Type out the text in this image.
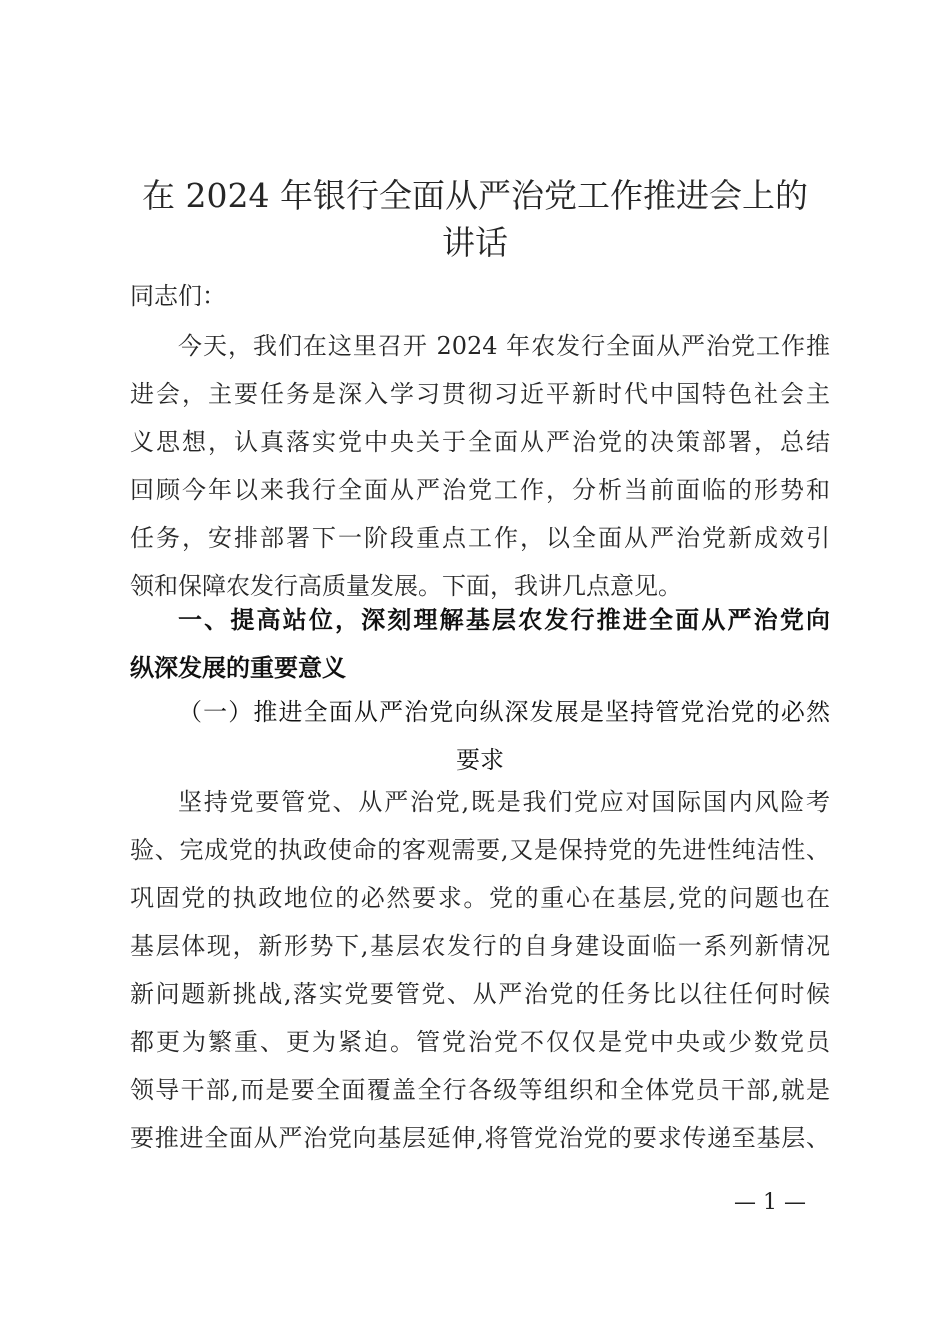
在 2024 年银行全面从严治党工作推进会上的
讲话
同志们：
今天，我们在这里召开 2024 年农发行全面从严治党工作推
进会，主要任务是深入学习贯彻习近平新时代中国特色社会主
义思想，认真落实党中央关于全面从严治党的决策部署，总结
回顾今年以来我行全面从严治党工作，分析当前面临的形势和
任务，安排部署下一阶段重点工作，以全面从严治党新成效引
领和保障农发行高质量发展。下面，我讲几点意见。
一、提高站位，深刻理解基层农发行推进全面从严治党向
纵深发展的重要意义
（一）推进全面从严治党向纵深发展是坚持管党治党的必然
要求
坚持党要管党、从严治党,既是我们党应对国际国内风险考
验、完成党的执政使命的客观需要,又是保持党的先进性纯洁性、
巩固党的执政地位的必然要求。党的重心在基层,党的问题也在
基层体现，新形势下,基层农发行的自身建设面临一系列新情况
新问题新挑战,落实党要管党、从严治党的任务比以往任何时候
都更为繁重、更为紧迫。管党治党不仅仅是党中央或少数党员
领导干部,而是要全面覆盖全行各级等组织和全体党员干部,就是
要推进全面从严治党向基层延伸,将管党治党的要求传递至基层、
— 1 —
